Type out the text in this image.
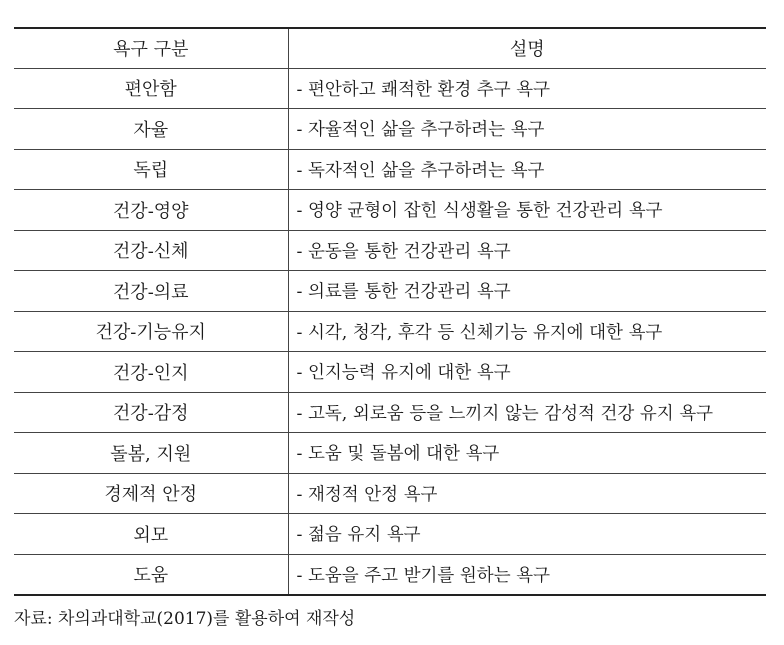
욕구 구분	설명
편안함	- 편안하고 쾌적한 환경 추구 욕구
자율	- 자율적인 삶을 추구하려는 욕구
독립	- 독자적인 삶을 추구하려는 욕구
건강-영양	- 영양 균형이 잡힌 식생활을 통한 건강관리 욕구
건강-신체	- 운동을 통한 건강관리 욕구
건강-의료	- 의료를 통한 건강관리 욕구
건강-기능유지	- 시각, 청각, 후각 등 신체기능 유지에 대한 욕구
건강-인지	- 인지능력 유지에 대한 욕구
건강-감정	- 고독, 외로움 등을 느끼지 않는 감성적 건강 유지 욕구
돌봄, 지원	- 도움 및 돌봄에 대한 욕구
경제적 안정	- 재정적 안정 욕구
외모	- 젊음 유지 욕구
도움	- 도움을 주고 받기를 원하는 욕구
자료: 차의과대학교(2017)를 활용하여 재작성
